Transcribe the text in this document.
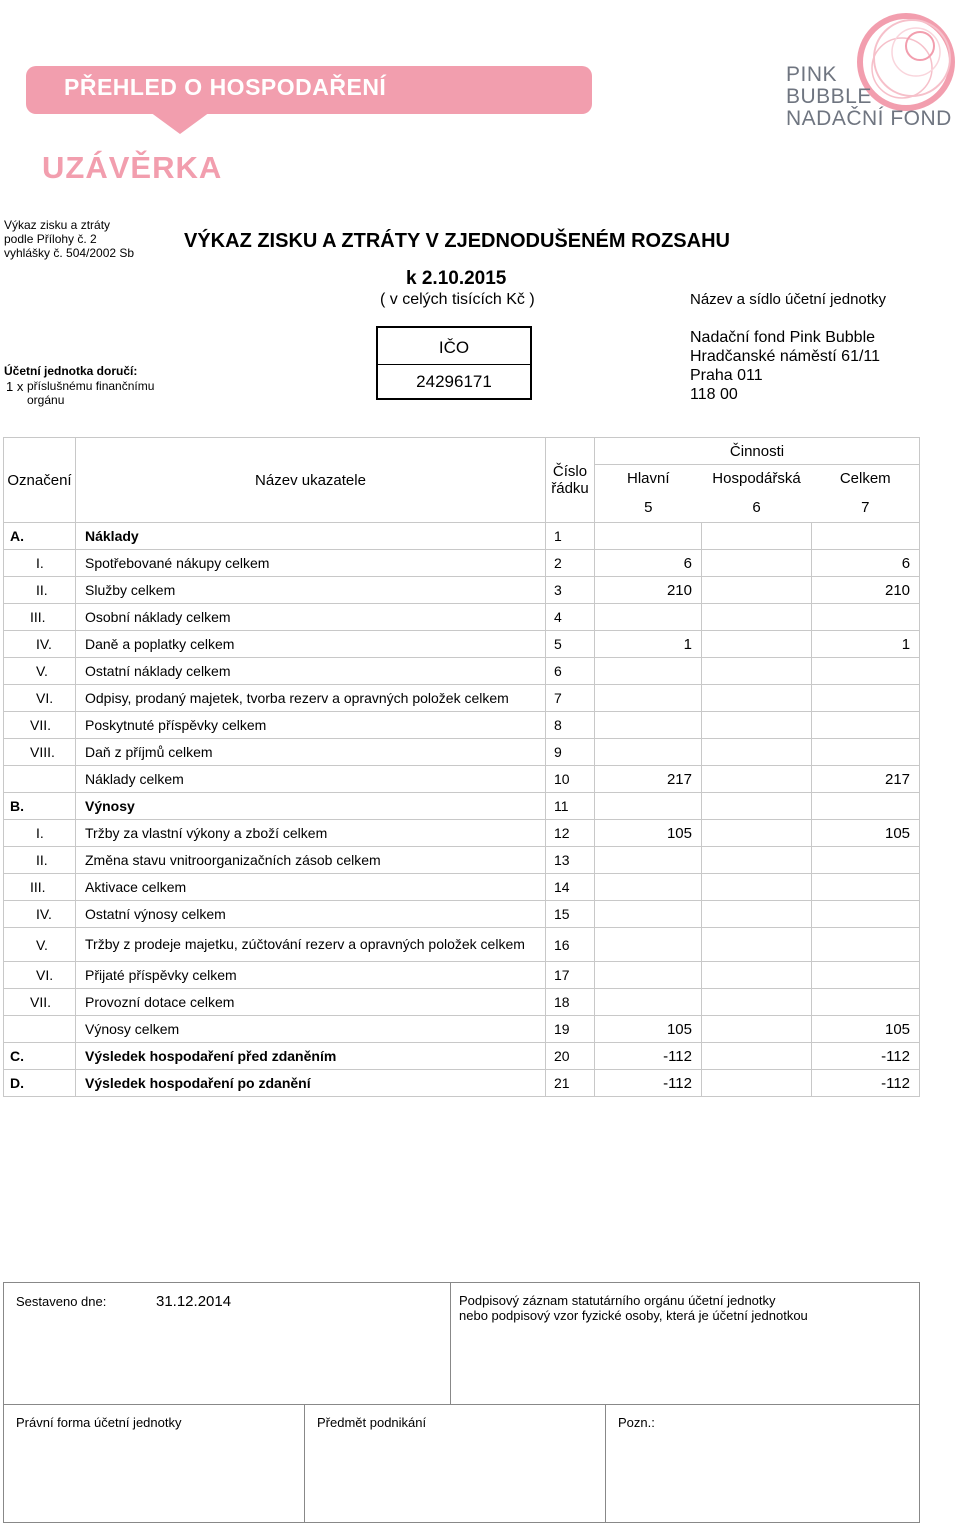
PŘEHLED O HOSPODAŘENÍ
UZÁVĚRKA
PINK
BUBBLE
NADAČNÍ FOND
Výkaz zisku a ztráty
podle Přílohy č. 2
vyhlášky č. 504/2002 Sb
VÝKAZ ZISKU A ZTRÁTY V ZJEDNODUŠENÉM ROZSAHU
k 2.10.2015
( v celých tisících Kč )	Název a sídlo účetní jednotky
Účetní jednotka doručí:
1 x příslušnému finančnímu
orgánu
IČO
24296171
Nadační fond Pink Bubble
Hradčanské náměstí 61/11
Praha 011
118 00
Označení	Název ukazatele	Číslo řádku	Činnosti		
			Hlavní	Hospodářská	Celkem
			5	6	7
A.	Náklady	1			
I.	Spotřebované nákupy celkem	2	6		6
II.	Služby celkem	3	210		210
III.	Osobní náklady celkem	4			
IV.	Daně a poplatky celkem	5	1		1
V.	Ostatní náklady celkem	6			
VI.	Odpisy, prodaný majetek, tvorba rezerv a opravných položek celkem	7			
VII.	Poskytnuté příspěvky celkem	8			
VIII.	Daň z příjmů celkem	9			
	Náklady celkem	10	217		217
B.	Výnosy	11			
I.	Tržby za vlastní výkony a zboží celkem	12	105		105
II.	Změna stavu vnitroorganizačních zásob celkem	13			
III.	Aktivace celkem	14			
IV.	Ostatní výnosy celkem	15			
V.	Tržby z prodeje majetku, zúčtování rezerv a opravných položek celkem	16			
VI.	Přijaté příspěvky celkem	17			
VII.	Provozní dotace celkem	18			
	Výnosy celkem	19	105		105
C.	Výsledek hospodaření před zdaněním	20	-112		-112
D.	Výsledek hospodaření po zdanění	21	-112		-112
Sestaveno dne: 31.12.2014		Podpisový záznam statutárního orgánu účetní jednotky
nebo podpisový vzor fyzické osoby, která je účetní jednotkou	

Právní forma účetní jednotky	Předmět podnikání		Pozn.:
